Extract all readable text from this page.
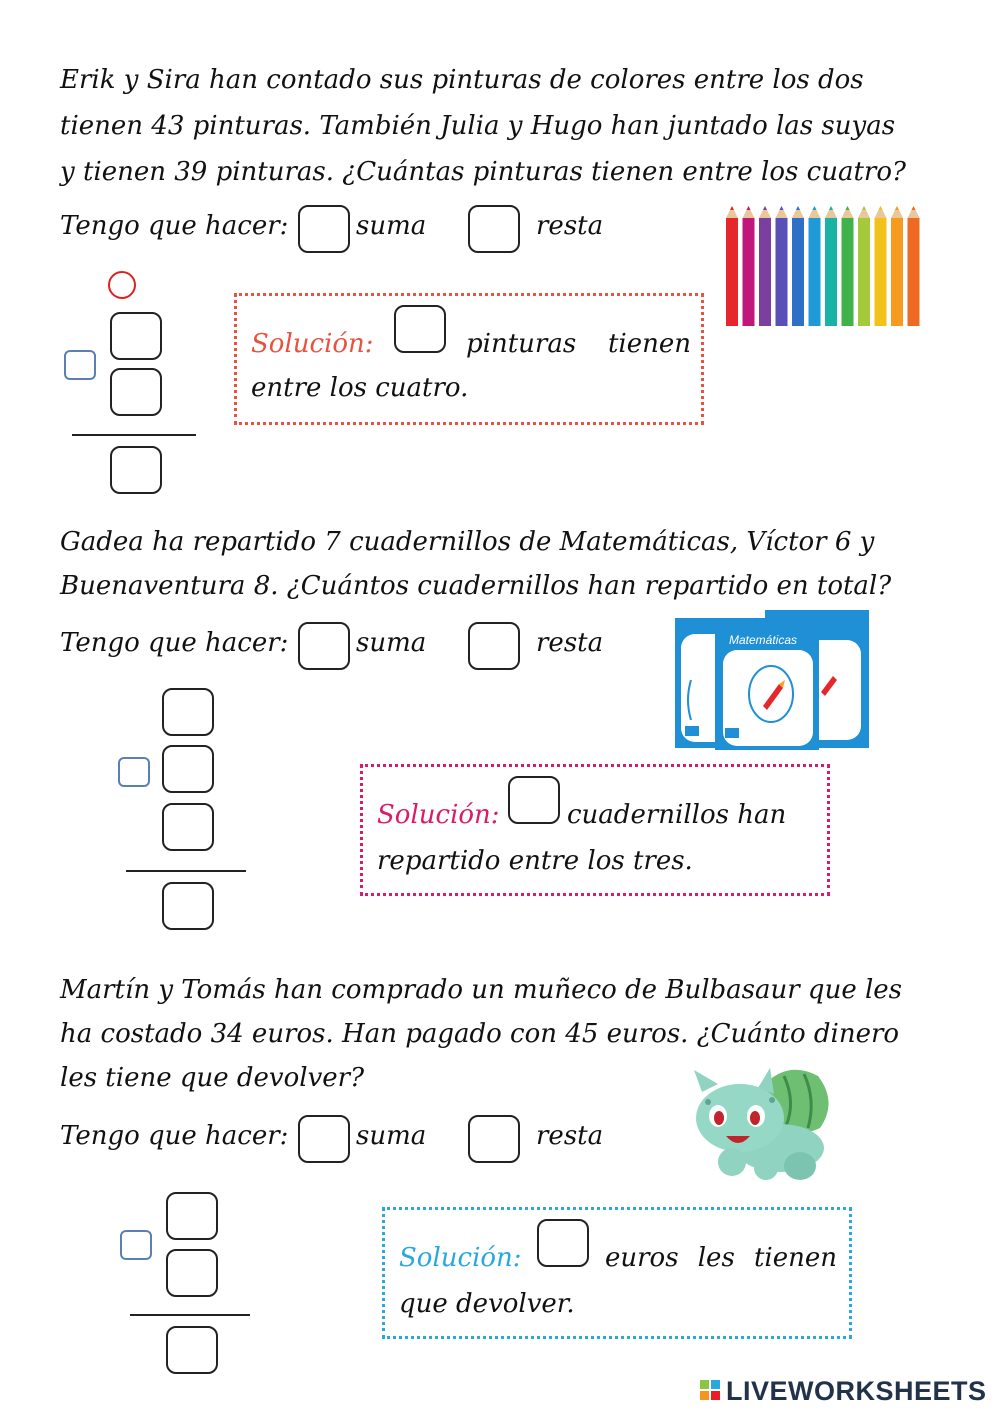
Erik y Sira han contado sus pinturas de colores entre los dos
tienen 43 pinturas. También Julia y Hugo han juntado las suyas
y tienen 39 pinturas. ¿Cuántas pinturas tienen entre los cuatro?
Tengo que hacer:	suma	resta
Solución:	pinturas tienen
entre los cuatro.
Gadea ha repartido 7 cuadernillos de Matemáticas, Víctor 6 y
Buenaventura 8. ¿Cuántos cuadernillos han repartido en total?
Tengo que hacer:	suma	resta	Matemáticas
Solución:	cuadernillos han
repartido entre los tres.
Martín y Tomás han comprado un muñeco de Bulbasaur que les
ha costado 34 euros. Han pagado con 45 euros. ¿Cuánto dinero
les tiene que devolver?
Tengo que hacer:	suma	resta
Solución:	euros les tienen
que devolver.
LIVEWORKSHEETS
